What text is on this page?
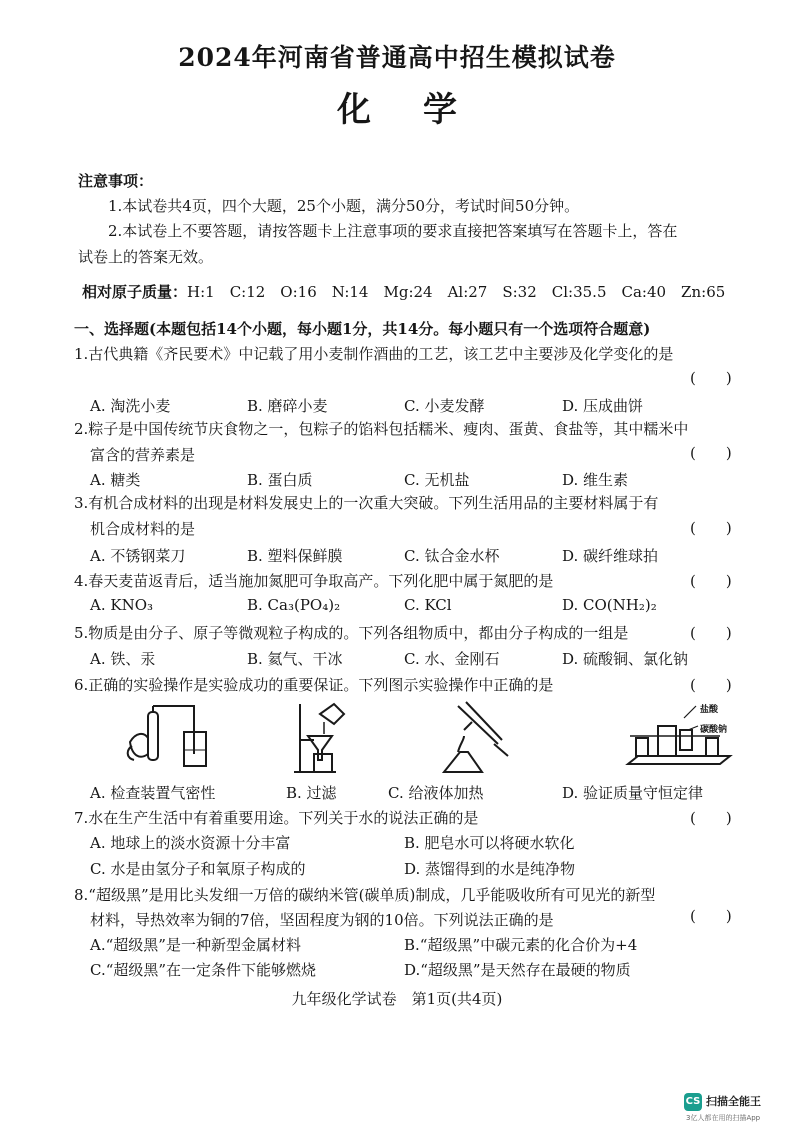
2024年河南省普通高中招生模拟试卷
化学
注意事项：
1.本试卷共4页，四个大题，25个小题，满分50分，考试时间50分钟。
2.本试卷上不要答题，请按答题卡上注意事项的要求直接把答案填写在答题卡上，答在
试卷上的答案无效。
相对原子质量：H:1　C:12　O:16　N:14　Mg:24　Al:27　S:32　Cl:35.5　Ca:40　Zn:65
一、选择题(本题包括14个小题，每小题1分，共14分。每小题只有一个选项符合题意)
1.古代典籍《齐民要术》中记载了用小麦制作酒曲的工艺，该工艺中主要涉及化学变化的是
(　　)
A. 淘洗小麦	B. 磨碎小麦	C. 小麦发酵	D. 压成曲饼
2.粽子是中国传统节庆食物之一，包粽子的馅料包括糯米、瘦肉、蛋黄、食盐等，其中糯米中
富含的营养素是	(　　)
A. 糖类	B. 蛋白质	C. 无机盐	D. 维生素
3.有机合成材料的出现是材料发展史上的一次重大突破。下列生活用品的主要材料属于有
机合成材料的是	(　　)
A. 不锈钢菜刀	B. 塑料保鲜膜	C. 钛合金水杯	D. 碳纤维球拍
4.春天麦苗返青后，适当施加氮肥可争取高产。下列化肥中属于氮肥的是	(　　)
A. KNO₃	B. Ca₃(PO₄)₂	C. KCl	D. CO(NH₂)₂
5.物质是由分子、原子等微观粒子构成的。下列各组物质中，都由分子构成的一组是	(　　)
A. 铁、汞	B. 氦气、干冰	C. 水、金刚石	D. 硫酸铜、氯化钠
6.正确的实验操作是实验成功的重要保证。下列图示实验操作中正确的是	(　　)
盐酸
碳酸钠
A. 检查装置气密性	B. 过滤	C. 给液体加热	D. 验证质量守恒定律
7.水在生产生活中有着重要用途。下列关于水的说法正确的是	(　　)
A. 地球上的淡水资源十分丰富	B. 肥皂水可以将硬水软化
C. 水是由氢分子和氧原子构成的	D. 蒸馏得到的水是纯净物
8.“超级黑”是用比头发细一万倍的碳纳米管(碳单质)制成，几乎能吸收所有可见光的新型
材料，导热效率为铜的7倍，坚固程度为钢的10倍。下列说法正确的是	(　　)
A.“超级黑”是一种新型金属材料	B.“超级黑”中碳元素的化合价为+4
C.“超级黑”在一定条件下能够燃烧	D.“超级黑”是天然存在最硬的物质
九年级化学试卷　第1页(共4页)
CS 扫描全能王
3亿人都在用的扫描App
